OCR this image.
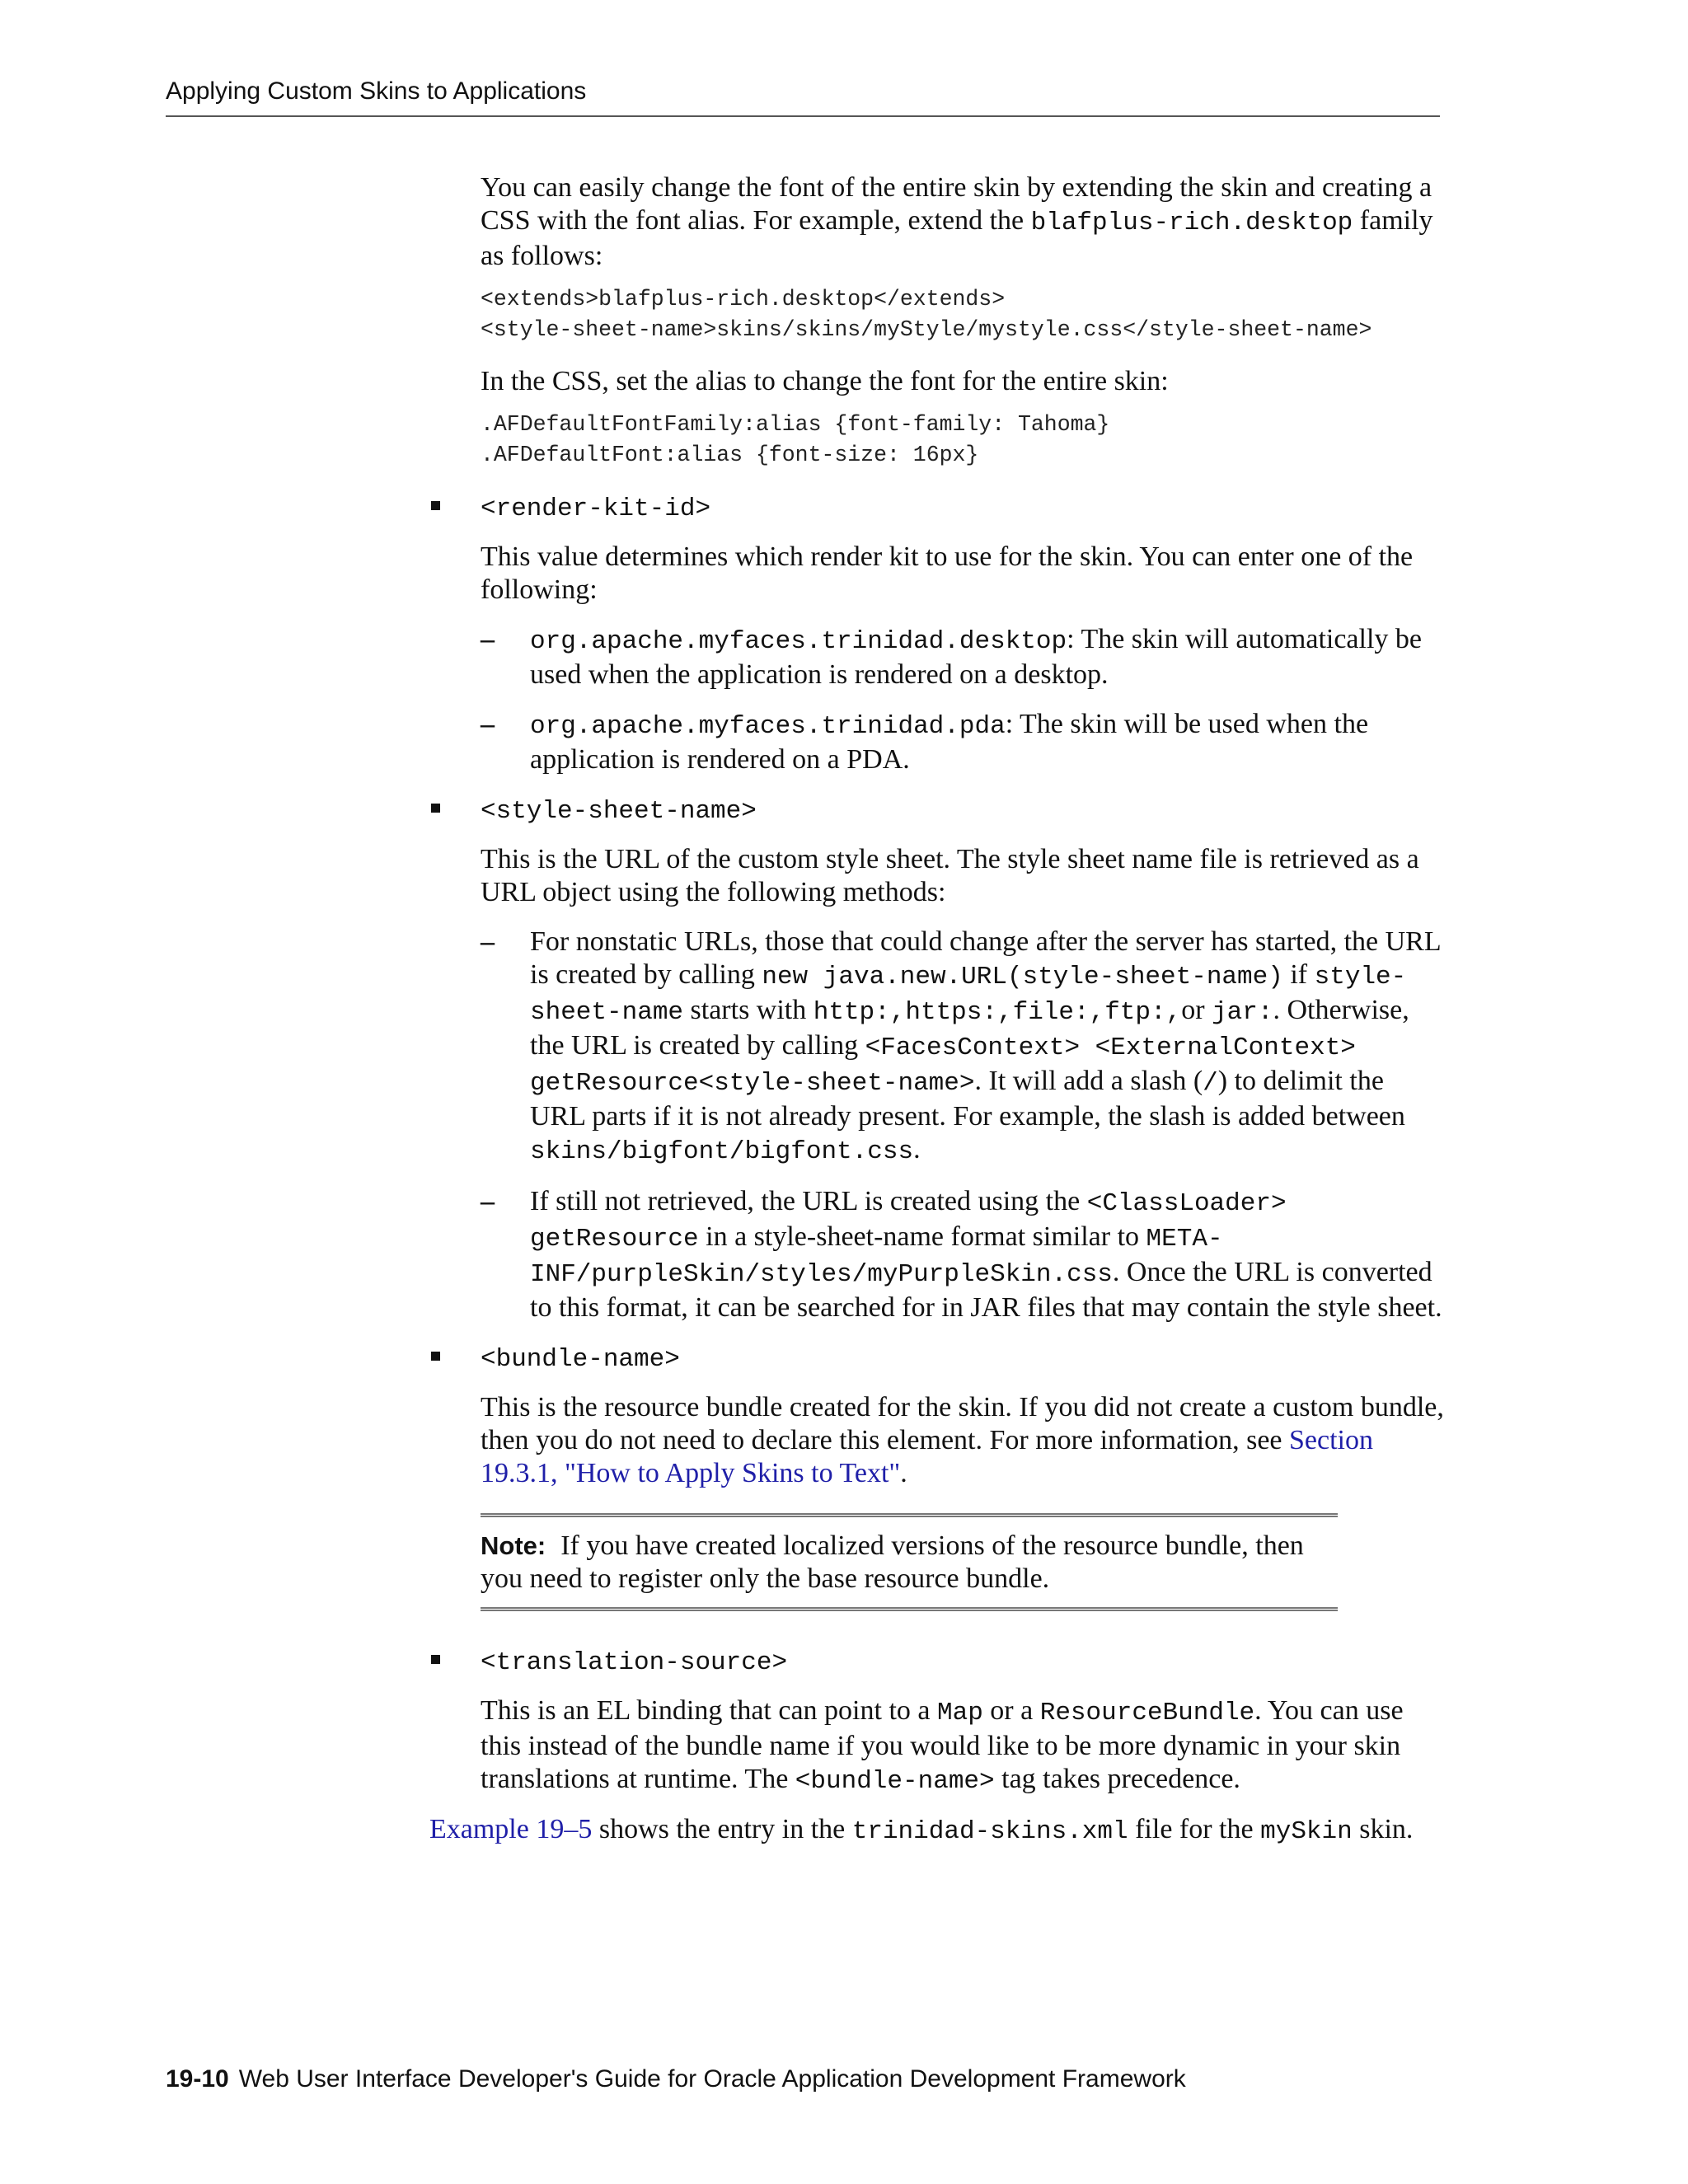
Applying Custom Skins to Applications

You can easily change the font of the entire skin by extending the skin and creating a CSS with the font alias. For example, extend the blafplus-rich.desktop family as follows:

<extends>blafplus-rich.desktop</extends>
<style-sheet-name>skins/skins/myStyle/mystyle.css</style-sheet-name>

In the CSS, set the alias to change the font for the entire skin:

.AFDefaultFontFamily:alias {font-family: Tahoma}
.AFDefaultFont:alias {font-size: 16px}
<render-kit-id>

This value determines which render kit to use for the skin. You can enter one of the following:

– org.apache.myfaces.trinidad.desktop: The skin will automatically be used when the application is rendered on a desktop.
– org.apache.myfaces.trinidad.pda: The skin will be used when the application is rendered on a PDA.
<style-sheet-name>

This is the URL of the custom style sheet. The style sheet name file is retrieved as a URL object using the following methods:

– For nonstatic URLs, those that could change after the server has started, the URL is created by calling new java.new.URL(style-sheet-name) if style-sheet-name starts with http:,https:,file:,ftp:,or jar:. Otherwise, the URL is created by calling <FacesContext> <ExternalContext> getResource<style-sheet-name>. It will add a slash (/) to delimit the URL parts if it is not already present. For example, the slash is added between skins/bigfont/bigfont.css.
– If still not retrieved, the URL is created using the <ClassLoader> getResource in a style-sheet-name format similar to META-INF/purpleSkin/styles/myPurpleSkin.css. Once the URL is converted to this format, it can be searched for in JAR files that may contain the style sheet.
<bundle-name>

This is the resource bundle created for the skin. If you did not create a custom bundle, then you do not need to declare this element. For more information, see Section 19.3.1, "How to Apply Skins to Text".

Note: If you have created localized versions of the resource bundle, then you need to register only the base resource bundle.
<translation-source>

This is an EL binding that can point to a Map or a ResourceBundle. You can use this instead of the bundle name if you would like to be more dynamic in your skin translations at runtime. The <bundle-name> tag takes precedence.

Example 19–5 shows the entry in the trinidad-skins.xml file for the mySkin skin.

19-10 Web User Interface Developer's Guide for Oracle Application Development Framework
